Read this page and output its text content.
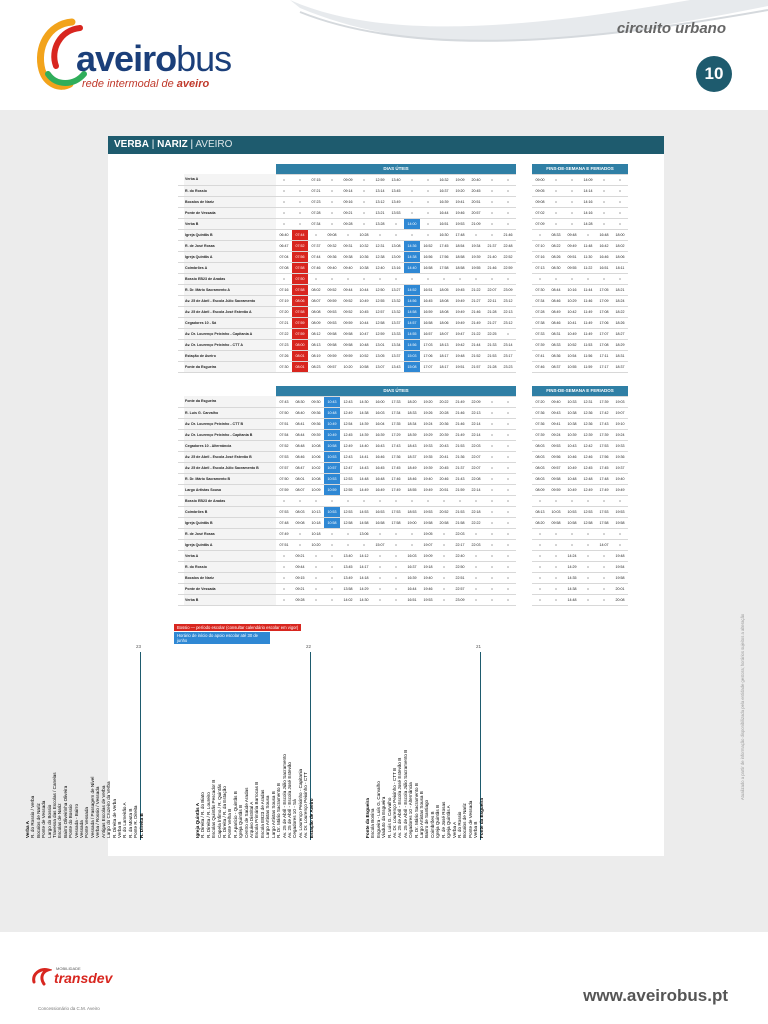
aveirobus
rede intermodal de aveiro
circuito urbano
10
VERBA | NARIZ | AVEIRO
		DIAS ÚTEIS																FINS-DE-SEMANA E FERIADOS					
	Verba A	•	•	07:15	•	09:09	•	12:59	13:40	•	•	16:32	19:09	20:40	•	•		09:00	•	•	14:09	•	•
	R. do Rossio	•	•	07:21	•	09:14	•	13:14	13:45	•	•	16:37	19:20	20:45	•	•		09:05	•	•	14:14	•	•
	Bocalos de Nariz	•	•	07:23	•	09:16	•	13:12	13:49	•	•	16:39	19:41	20:51	•	•		09:08	•	•	14:16	•	•
	Ponte de Vessada	•	•	07:28	•	09:21	•	13:21	13:53	•	•	16:44	19:46	20:57	•	•		07:02	•	•	14:16	•	•
	Verba B	•	•	07:34	•	09:28	•	13:28	•	14:00	•	16:51	19:53	21:09	•	•		07:09	•	•	14:28	•	•
	Igreja Quintãs B	06:40	07:44	•	09:08	•	10:28	•	•	•	•	16:30	17:48	•	•	21:46		•	08:33	09:48	•	16:48	18:00
	R. de José Rosas	06:47	07:52	07:37	09:32	09:31	10:32	12:31	13:08	14:36	16:52	17:45	18:54	19:34	21:37	22:48		07:10	08:22	09:49	11:48	16:42	18:02
	Igreja Quintãs A	07:04	07:56	07:44	09:36	09:38	10:36	12:38	13:09	14:38	16:56	17:56	18:58	19:39	21:40	22:52		07:16	08:26	09:51	11:30	16:46	18:06
	Coimbrões A	07:08	07:58	07:46	09:40	09:40	10:38	12:40	13:16	14:40	16:58	17:58	18:58	19:55	21:46	22:59		07:13	08:30	09:55	11:22	16:51	18:11
	Bossio EB23 de Aradas	•	07:50	•	•	•	•	•	•	•	•	•	•	•	•	•		•	•	•	•	•	•
	R. Dr. Mário Sacramento A	07:16	07:58	08:02	09:52	09:44	10:44	12:50	13:27	14:52	16:51	18:05	19:45	21:22	22:07	23:09		07:30	08:44	10:16	11:44	17:05	18:21
	Av. 25 de Abril - Escola Júlio Sacramento	07:19	08:06	08:07	09:59	09:52	10:49	12:55	13:32	14:56	16:45	18:08	19:49	21:27	22:11	23:12		07:34	08:46	10:29	11:46	17:09	18:24
	Av. 25 de Abril - Escola José Estevão A	07:20	07:58	08:08	09:53	09:52	10:45	12:57	13:32	14:58	16:59	18:08	19:49	21:46	21:28	22:13		07:28	08:49	10:42	11:49	17:08	18:22
	Cegadores 10 - Sá	07:21	07:59	08:09	09:53	09:59	10:44	12:58	13:37	14:57	16:58	18:06	19:49	21:49	21:27	23:12		07:38	08:46	10:41	11:49	17:06	18:26
	Av. Dr. Lourenço Peixinho - Capitania A	07:22	07:59	08:12	09:58	09:58	10:47	12:59	13:33	14:55	16:57	18:07	19:47	21:22	22:25	•		07:33	08:31	10:49	11:49	17:07	18:27
	Av. Dr. Lourenço Peixinho - CTT A	07:23	08:00	08:13	09:58	09:58	10:48	13:01	13:34	14:56	17:03	18:13	19:42	21:44	21:33	23:14		07:39	08:33	10:52	11:53	17:08	18:29
	Estação de Aveiro	07:26	08:01	08:19	09:59	09:59	10:52	13:05	13:37	15:03	17:06	18:17	19:48	21:52	21:53	23:17		07:41	08:36	10:54	11:56	17:11	18:31
	Fonte da Esgueira	07:30	08:01	08:23	09:57	10:20	10:58	13:07	13:43	15:08	17:07	18:17	19:51	21:57	21:28	23:23		07:46	08:37	10:55	11:59	17:17	18:37
		DIAS ÚTEIS																FINS-DE-SEMANA E FERIADOS					
	Fonte da Esgueira	07:43	08:30	09:30	10:43	12:43	14:30	16:00	17:33	18:20	19:20	20:22	21:49	22:09	•	•		07:20	09:40	10:33	12:31	17:39	19:03
	R. Luís G. Carvalho	07:50	08:40	09:36	10:48	12:49	14:38	16:03	17:34	18:33	19:26	20:28	21:46	22:13	•	•		07:36	09:43	10:38	12:36	17:42	19:07
	Av. Dr. Lourenço Peixinho - CTT B	07:51	08:41	09:36	10:49	12:54	14:39	16:04	17:35	18:34	19:24	20:36	21:46	22:14	•	•		07:36	09:41	10:38	12:36	17:43	19:10
	Av. Dr. Lourenço Peixinho - Capitania B	07:54	08:44	09:39	10:49	12:45	14:39	16:39	17:29	18:39	19:29	20:39	21:49	22:14	•	•		07:39	09:24	10:39	12:39	17:39	19:24
	Cegadores 10 - Alternância	07:52	08:48	10:08	10:58	12:49	14:40	16:43	17:43	18:43	19:33	20:43	21:53	22:03	•	•		08:03	09:53	10:43	12:42	17:53	19:33
	Av. 25 de Abril - Escola José Estevão B	07:53	08:46	10:06	10:53	12:43	14:41	16:46	17:36	18:37	19:35	20:41	21:36	22:07	•	•		08:03	09:56	10:46	12:46	17:56	19:36
	Av. 25 de Abril - Escola Júlio Sacramento B	07:57	08:47	10:02	10:57	12:47	14:43	16:45	17:45	18:49	19:39	20:45	21:37	22:07	•	•		08:03	09:57	10:49	12:45	17:45	19:37
	R. Dr. Mário Sacramento B	07:50	08:01	10:08	10:53	12:53	14:48	16:48	17:46	18:46	19:40	20:46	21:43	22:08	•	•		08:03	09:58	10:48	12:48	17:48	19:40
	Largo Artistas Sousa	07:59	08:07	10:09	10:59	12:55	14:49	16:49	17:49	18:55	19:49	20:51	21:59	22:14	•	•		08:09	09:59	10:49	12:49	17:49	19:49
	Bossio EB23 de Aradas	•	•	•	•	•	•	•	•	•	•	•	•	•	•	•		•	•	•	•	•	•
	Coimbrões B	07:53	08:03	10:13	10:53	12:53	14:53	16:53	17:53	18:53	19:53	20:52	21:53	22:18	•	•		08:13	10:03	10:53	12:53	17:53	19:53
	Igreja Quintãs B	07:48	09:08	10:18	10:58	12:58	14:58	16:58	17:58	19:00	19:58	20:58	21:58	22:22	•	•		08:20	09:58	10:58	12:58	17:58	19:58
	R. de José Rosas	07:49	•	10:18	•	•	13:06	•	•	•	19:05	•	22:03	•	•	•		•	•	•	•	•	•
	Igreja Quintãs A	07:51	•	10:20	•	•	•	15:07	•	•	19:07	•	22:17	22:03	•	•		•	•	•	•	14:07	•
	Verba A	•	09:21	•	•	13:40	14:12	•	•	16:03	19:09	•	22:40	•	•	•		•	•	14:24	•	•	19:48
	R. do Rossio	•	09:44	•	•	13:45	14:17	•	•	16:37	19:18	•	22:50	•	•	•		•	•	14:29	•	•	19:54
	Bocalos de Nariz	•	09:15	•	•	13:49	14:18	•	•	16:39	19:40	•	22:51	•	•	•		•	•	14:35	•	•	19:58
	Ponte de Vessada	•	09:21	•	•	13:58	14:29	•	•	16:44	19:46	•	22:57	•	•	•		•	•	14:38	•	•	20:01
	Verba B	•	09:28	•	•	14:02	14:30	•	•	16:51	19:53	•	23:09	•	•	•		•	•	14:48	•	•	20:08
Bossio — período escolar (consultar calendário escolar em vigor)
Horário de início do apoio escolar até 30 de junho
23
Verba A R. do Rossio / Verba Bocalos de Nariz Ponte de Vessada Largo do Bossio Travessa das Escolas / Canelas Escolas de Nariz Bairro Oliveirinha Oliveira Ponte do Bossio Vessada - Bairro Vessada Ponte Vessada Vessada / Passagem de Nível Verba / Rossio / Vessada Antigas Escolas de Verba Largo do Cruzeiro da Verba R. Direita de Verba Verba B R. do Lameirão A R. da Mouta B Ponte R. Direita R. Direita B
22
Igreja Quintãs A R. Direita / R. do Biato R. Direita / R. Loureiro Escolas Quintãs Pescador B Capela Ínfimo / R. Quintãs R. Direita / R. da Estação Ponte Velha B R. Aparício - Quintãs B Igreja Quintãs B Centro de Saúde Aradas Arquivo Distrital A Escola Primária Barrocas B Escola EB23 de Aradas Largo Artistas Sousa Largo Artistas Sousa B R. Dr. Mário Sacramento B Av. 25 de Abril - Escola Júlio Sacramento Av. 25 de Abril - Escola José Estevão Cegadores 10 - Sá Av. Lourenço Peixinho - Capitania Av. Dr. Lourenço Peixinho - CTT Estação de Aveiro
21
Fonte da Esgueira Escola Bonina Esgueira - Luís G. Carvalho Viaduto da Esgueira R. Luís G. Carvalho Av. Dr. Lourenço Peixinho - CTT B Av. 25 de Abril - Escola José Estevão B Av. 25 de Abril - Escola Júlio Sacramento B Cegadores 10 - Alternância R. Dr. Mário Sacramento B Largo Artistas Sousa B Bairro de Santiago Coimbrões B Igreja Quintãs B R. de José Rosas Igreja Quintãs A Verba A R. do Rossio Bocalos de Nariz Ponte de Vessada Verba B Fonte da Esgueira
Atualizado a partir de informação disponibilizada pela entidade gestora; horários sujeitos a alteração
MOBILIDADE
transdev
Concessionário da C.M. Aveiro
www.aveirobus.pt
